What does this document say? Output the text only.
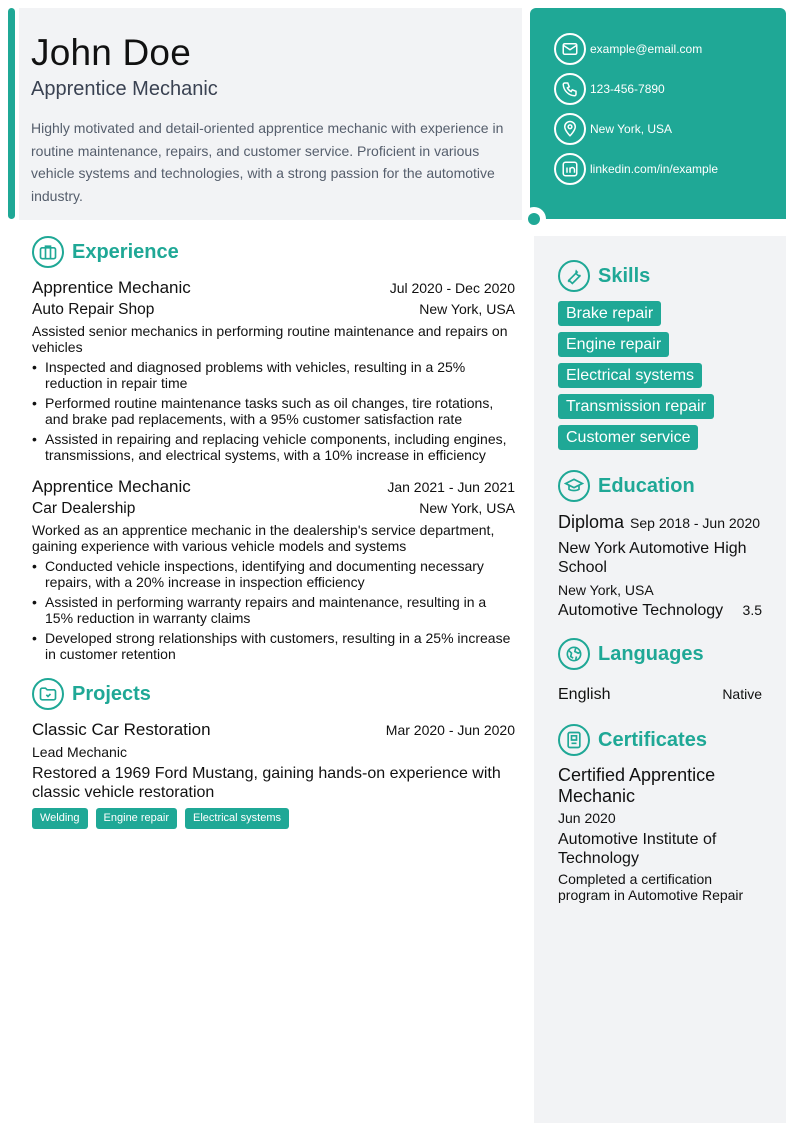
John Doe
Apprentice Mechanic

Highly motivated and detail-oriented apprentice mechanic with experience in routine maintenance, repairs, and customer service. Proficient in various vehicle systems and technologies, with a strong passion for the automotive industry.

example@email.com
123-456-7890
New York, USA
linkedin.com/in/example
Experience
Apprentice Mechanic	Jul 2020 - Dec 2020
Auto Repair Shop	New York, USA

Assisted senior mechanics in performing routine maintenance and repairs on vehicles

• Inspected and diagnosed problems with vehicles, resulting in a 25% reduction in repair time
• Performed routine maintenance tasks such as oil changes, tire rotations, and brake pad replacements, with a 95% customer satisfaction rate
• Assisted in repairing and replacing vehicle components, including engines, transmissions, and electrical systems, with a 10% increase in efficiency
Apprentice Mechanic	Jan 2021 - Jun 2021
Car Dealership	New York, USA

Worked as an apprentice mechanic in the dealership's service department, gaining experience with various vehicle models and systems

• Conducted vehicle inspections, identifying and documenting necessary repairs, with a 20% increase in inspection efficiency
• Assisted in performing warranty repairs and maintenance, resulting in a 15% reduction in warranty claims
• Developed strong relationships with customers, resulting in a 25% increase in customer retention
Projects
Classic Car Restoration	Mar 2020 - Jun 2020
Lead Mechanic

Restored a 1969 Ford Mustang, gaining hands-on experience with classic vehicle restoration

Welding	Engine repair	Electrical systems
Skills
Brake repair
Engine repair
Electrical systems
Transmission repair
Customer service
Education
Diploma Sep 2018 - Jun 2020
New York Automotive High School
New York, USA
Automotive Technology 3.5
Languages
English	Native
Certificates
Certified Apprentice Mechanic
Jun 2020
Automotive Institute of Technology
Completed a certification program in Automotive Repair
